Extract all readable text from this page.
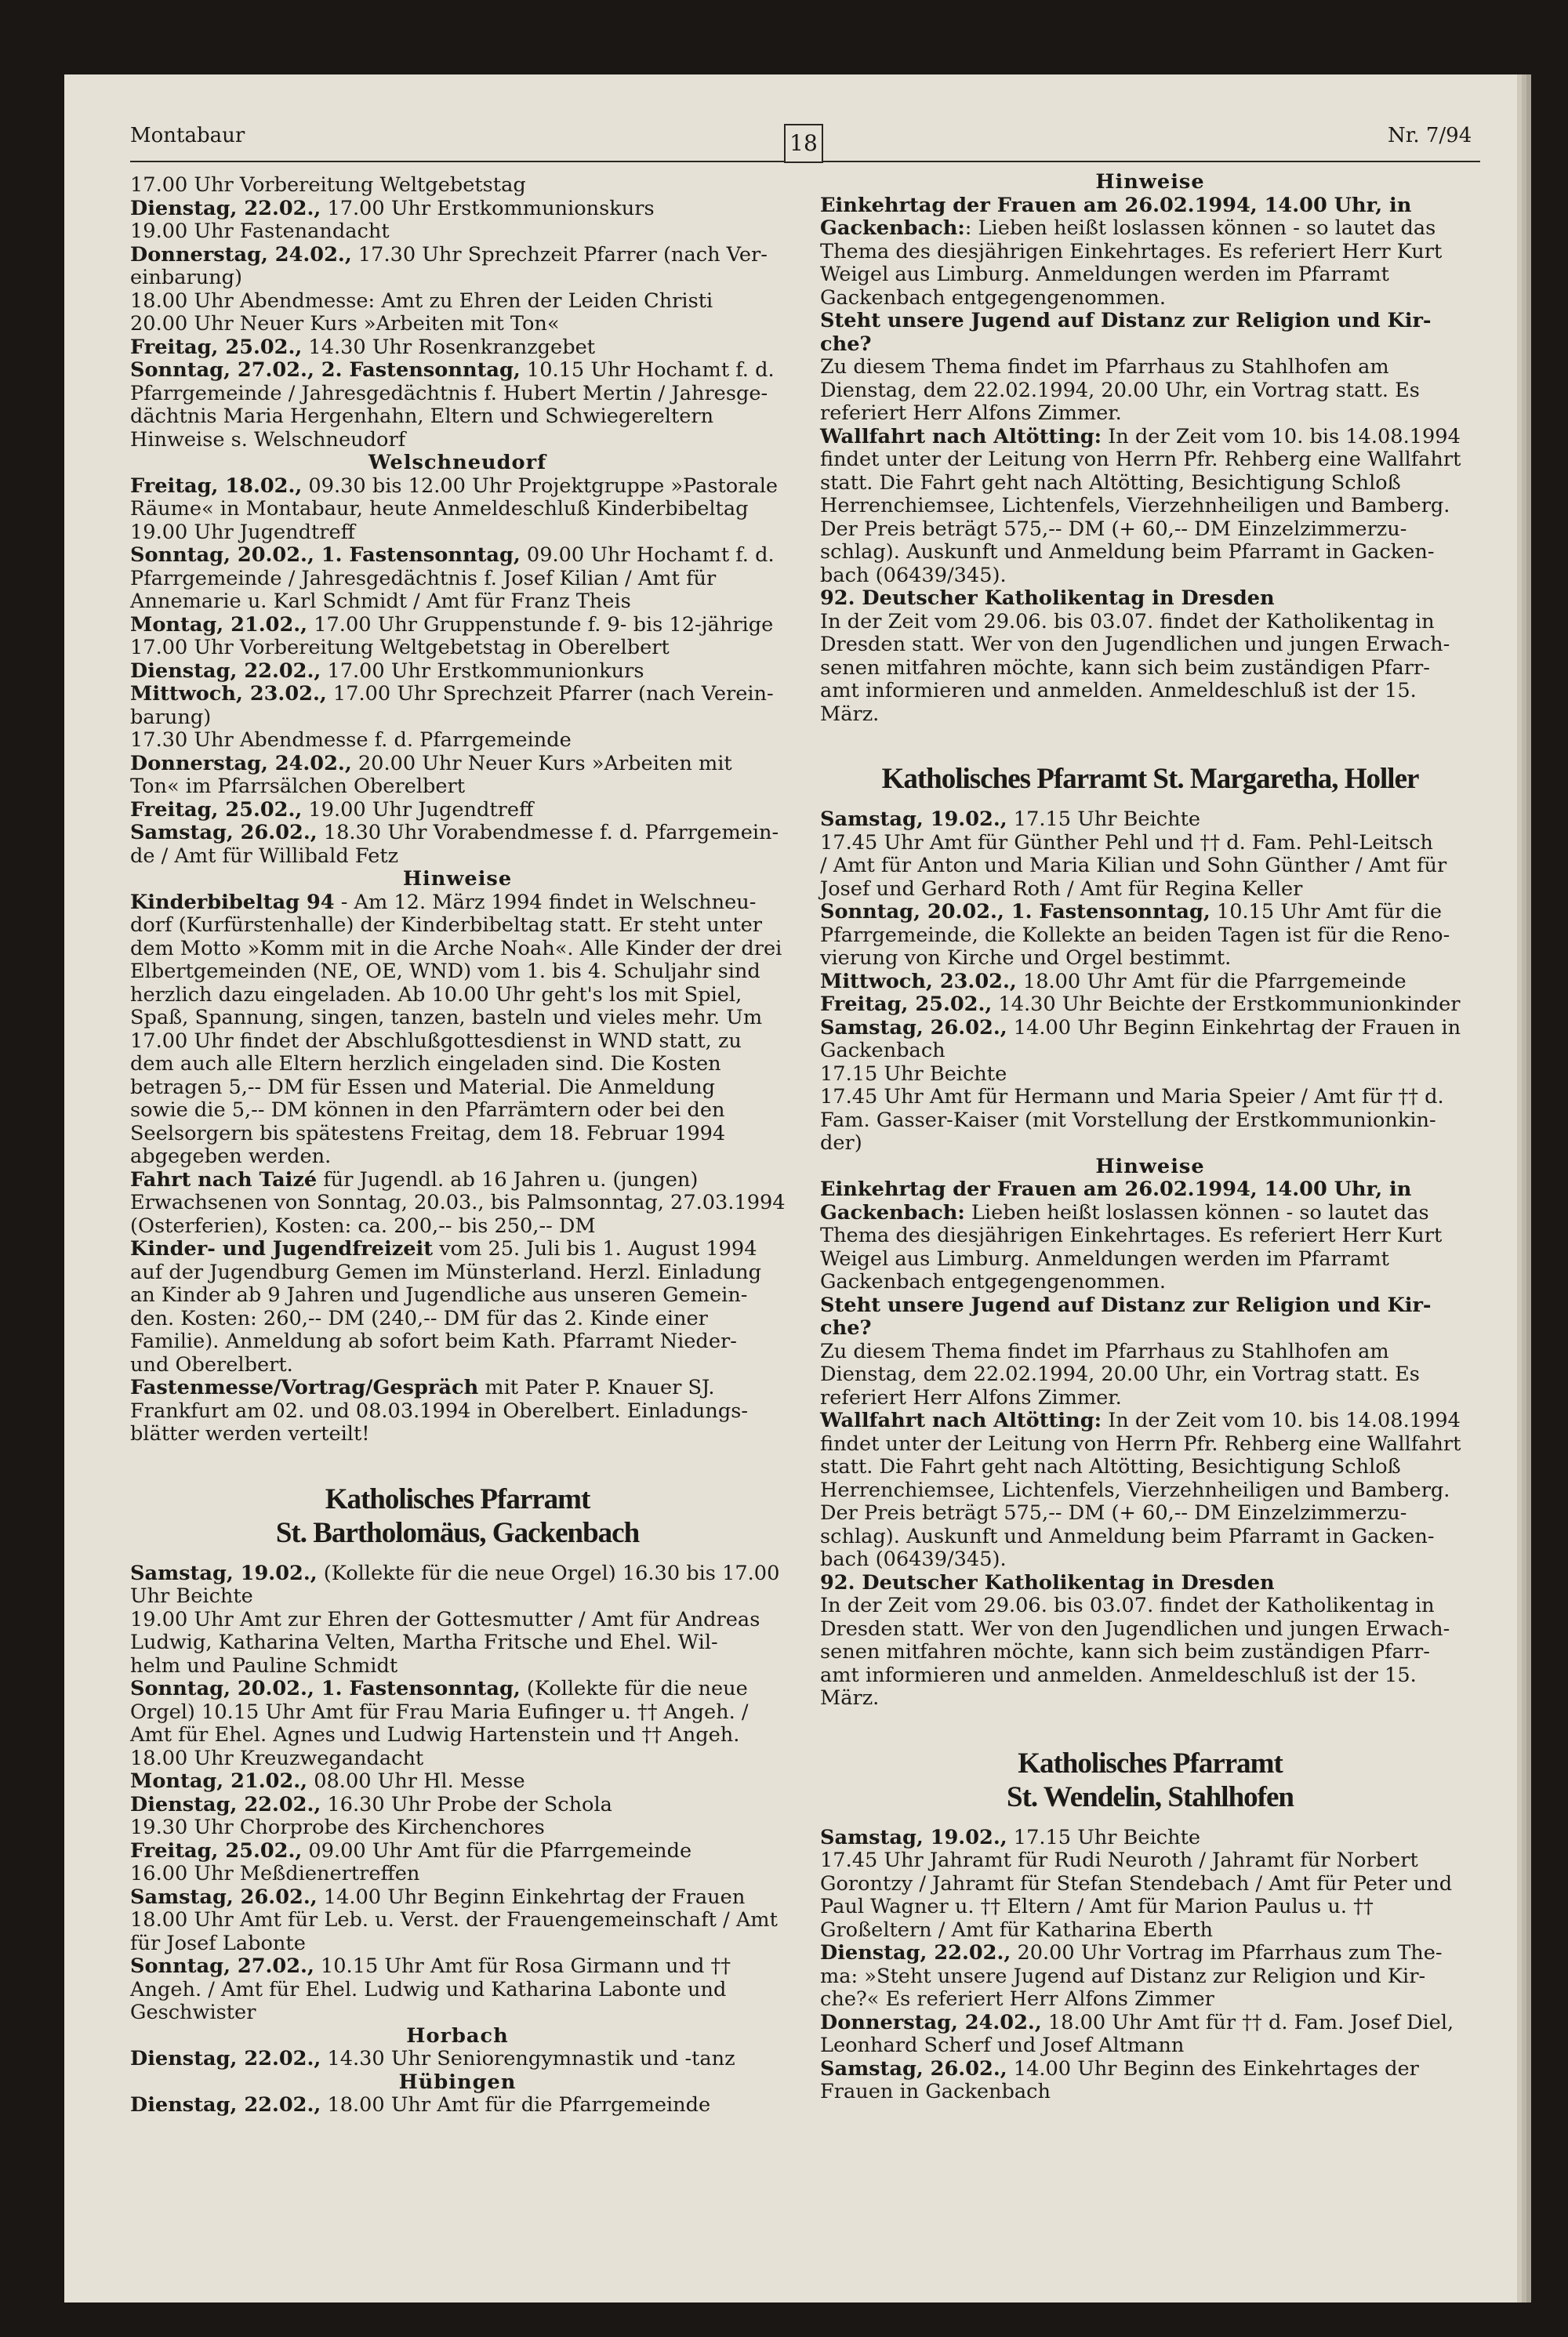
Montabaur	18	Nr. 7/94

17.00 Uhr Vorbereitung Weltgebetstag

Dienstag, 22.02., 17.00 Uhr Erstkommunionskurs

19.00 Uhr Fastenandacht

Donnerstag, 24.02., 17.30 Uhr Sprechzeit Pfarrer (nach Ver-

einbarung)

18.00 Uhr Abendmesse: Amt zu Ehren der Leiden Christi

20.00 Uhr Neuer Kurs »Arbeiten mit Ton«

Freitag, 25.02., 14.30 Uhr Rosenkranzgebet

Sonntag, 27.02., 2. Fastensonntag, 10.15 Uhr Hochamt f. d.

Pfarrgemeinde / Jahresgedächtnis f. Hubert Mertin / Jahresge-

dächtnis Maria Hergenhahn, Eltern und Schwiegereltern

Hinweise s. Welschneudorf

Welschneudorf

Freitag, 18.02., 09.30 bis 12.00 Uhr Projektgruppe »Pastorale

Räume« in Montabaur, heute Anmeldeschluß Kinderbibeltag

19.00 Uhr Jugendtreff

Sonntag, 20.02., 1. Fastensonntag, 09.00 Uhr Hochamt f. d.

Pfarrgemeinde / Jahresgedächtnis f. Josef Kilian / Amt für

Annemarie u. Karl Schmidt / Amt für Franz Theis

Montag, 21.02., 17.00 Uhr Gruppenstunde f. 9- bis 12-jährige

17.00 Uhr Vorbereitung Weltgebetstag in Oberelbert

Dienstag, 22.02., 17.00 Uhr Erstkommunionkurs

Mittwoch, 23.02., 17.00 Uhr Sprechzeit Pfarrer (nach Verein-

barung)

17.30 Uhr Abendmesse f. d. Pfarrgemeinde

Donnerstag, 24.02., 20.00 Uhr Neuer Kurs »Arbeiten mit

Ton« im Pfarrsälchen Oberelbert

Freitag, 25.02., 19.00 Uhr Jugendtreff

Samstag, 26.02., 18.30 Uhr Vorabendmesse f. d. Pfarrgemein-

de / Amt für Willibald Fetz

Hinweise

Kinderbibeltag 94 - Am 12. März 1994 findet in Welschneu-

dorf (Kurfürstenhalle) der Kinderbibeltag statt. Er steht unter

dem Motto »Komm mit in die Arche Noah«. Alle Kinder der drei

Elbertgemeinden (NE, OE, WND) vom 1. bis 4. Schuljahr sind

herzlich dazu eingeladen. Ab 10.00 Uhr geht's los mit Spiel,

Spaß, Spannung, singen, tanzen, basteln und vieles mehr. Um

17.00 Uhr findet der Abschlußgottesdienst in WND statt, zu

dem auch alle Eltern herzlich eingeladen sind. Die Kosten

betragen 5,-- DM für Essen und Material. Die Anmeldung

sowie die 5,-- DM können in den Pfarrämtern oder bei den

Seelsorgern bis spätestens Freitag, dem 18. Februar 1994

abgegeben werden.

Fahrt nach Taizé für Jugendl. ab 16 Jahren u. (jungen)

Erwachsenen von Sonntag, 20.03., bis Palmsonntag, 27.03.1994

(Osterferien), Kosten: ca. 200,-- bis 250,-- DM

Kinder- und Jugendfreizeit vom 25. Juli bis 1. August 1994

auf der Jugendburg Gemen im Münsterland. Herzl. Einladung

an Kinder ab 9 Jahren und Jugendliche aus unseren Gemein-

den. Kosten: 260,-- DM (240,-- DM für das 2. Kinde einer

Familie). Anmeldung ab sofort beim Kath. Pfarramt Nieder-

und Oberelbert.

Fastenmesse/Vortrag/Gespräch mit Pater P. Knauer SJ.

Frankfurt am 02. und 08.03.1994 in Oberelbert. Einladungs-

blätter werden verteilt!

Katholisches Pfarramt
St. Bartholomäus, Gackenbach

Samstag, 19.02., (Kollekte für die neue Orgel) 16.30 bis 17.00

Uhr Beichte

19.00 Uhr Amt zur Ehren der Gottesmutter / Amt für Andreas

Ludwig, Katharina Velten, Martha Fritsche und Ehel. Wil-

helm und Pauline Schmidt

Sonntag, 20.02., 1. Fastensonntag, (Kollekte für die neue

Orgel) 10.15 Uhr Amt für Frau Maria Eufinger u. †† Angeh. /

Amt für Ehel. Agnes und Ludwig Hartenstein und †† Angeh.

18.00 Uhr Kreuzwegandacht

Montag, 21.02., 08.00 Uhr Hl. Messe

Dienstag, 22.02., 16.30 Uhr Probe der Schola

19.30 Uhr Chorprobe des Kirchenchores

Freitag, 25.02., 09.00 Uhr Amt für die Pfarrgemeinde

16.00 Uhr Meßdienertreffen

Samstag, 26.02., 14.00 Uhr Beginn Einkehrtag der Frauen

18.00 Uhr Amt für Leb. u. Verst. der Frauengemeinschaft / Amt

für Josef Labonte

Sonntag, 27.02., 10.15 Uhr Amt für Rosa Girmann und ††

Angeh. / Amt für Ehel. Ludwig und Katharina Labonte und

Geschwister

Horbach

Dienstag, 22.02., 14.30 Uhr Seniorengymnastik und -tanz

Hübingen

Dienstag, 22.02., 18.00 Uhr Amt für die Pfarrgemeinde

Hinweise

Einkehrtag der Frauen am 26.02.1994, 14.00 Uhr, in

Gackenbach:: Lieben heißt loslassen können - so lautet das

Thema des diesjährigen Einkehrtages. Es referiert Herr Kurt

Weigel aus Limburg. Anmeldungen werden im Pfarramt

Gackenbach entgegengenommen.

Steht unsere Jugend auf Distanz zur Religion und Kir-

che?

Zu diesem Thema findet im Pfarrhaus zu Stahlhofen am

Dienstag, dem 22.02.1994, 20.00 Uhr, ein Vortrag statt. Es

referiert Herr Alfons Zimmer.

Wallfahrt nach Altötting: In der Zeit vom 10. bis 14.08.1994

findet unter der Leitung von Herrn Pfr. Rehberg eine Wallfahrt

statt. Die Fahrt geht nach Altötting, Besichtigung Schloß

Herrenchiemsee, Lichtenfels, Vierzehnheiligen und Bamberg.

Der Preis beträgt 575,-- DM (+ 60,-- DM Einzelzimmerzu-

schlag). Auskunft und Anmeldung beim Pfarramt in Gacken-

bach (06439/345).

92. Deutscher Katholikentag in Dresden

In der Zeit vom 29.06. bis 03.07. findet der Katholikentag in

Dresden statt. Wer von den Jugendlichen und jungen Erwach-

senen mitfahren möchte, kann sich beim zuständigen Pfarr-

amt informieren und anmelden. Anmeldeschluß ist der 15.

März.

Katholisches Pfarramt St. Margaretha, Holler

Samstag, 19.02., 17.15 Uhr Beichte

17.45 Uhr Amt für Günther Pehl und †† d. Fam. Pehl-Leitsch

/ Amt für Anton und Maria Kilian und Sohn Günther / Amt für

Josef und Gerhard Roth / Amt für Regina Keller

Sonntag, 20.02., 1. Fastensonntag, 10.15 Uhr Amt für die

Pfarrgemeinde, die Kollekte an beiden Tagen ist für die Reno-

vierung von Kirche und Orgel bestimmt.

Mittwoch, 23.02., 18.00 Uhr Amt für die Pfarrgemeinde

Freitag, 25.02., 14.30 Uhr Beichte der Erstkommunionkinder

Samstag, 26.02., 14.00 Uhr Beginn Einkehrtag der Frauen in

Gackenbach

17.15 Uhr Beichte

17.45 Uhr Amt für Hermann und Maria Speier / Amt für †† d.

Fam. Gasser-Kaiser (mit Vorstellung der Erstkommunionkin-

der)

Hinweise

Einkehrtag der Frauen am 26.02.1994, 14.00 Uhr, in

Gackenbach: Lieben heißt loslassen können - so lautet das

Thema des diesjährigen Einkehrtages. Es referiert Herr Kurt

Weigel aus Limburg. Anmeldungen werden im Pfarramt

Gackenbach entgegengenommen.

Steht unsere Jugend auf Distanz zur Religion und Kir-

che?

Zu diesem Thema findet im Pfarrhaus zu Stahlhofen am

Dienstag, dem 22.02.1994, 20.00 Uhr, ein Vortrag statt. Es

referiert Herr Alfons Zimmer.

Wallfahrt nach Altötting: In der Zeit vom 10. bis 14.08.1994

findet unter der Leitung von Herrn Pfr. Rehberg eine Wallfahrt

statt. Die Fahrt geht nach Altötting, Besichtigung Schloß

Herrenchiemsee, Lichtenfels, Vierzehnheiligen und Bamberg.

Der Preis beträgt 575,-- DM (+ 60,-- DM Einzelzimmerzu-

schlag). Auskunft und Anmeldung beim Pfarramt in Gacken-

bach (06439/345).

92. Deutscher Katholikentag in Dresden

In der Zeit vom 29.06. bis 03.07. findet der Katholikentag in

Dresden statt. Wer von den Jugendlichen und jungen Erwach-

senen mitfahren möchte, kann sich beim zuständigen Pfarr-

amt informieren und anmelden. Anmeldeschluß ist der 15.

März.

Katholisches Pfarramt
St. Wendelin, Stahlhofen

Samstag, 19.02., 17.15 Uhr Beichte

17.45 Uhr Jahramt für Rudi Neuroth / Jahramt für Norbert

Gorontzy / Jahramt für Stefan Stendebach / Amt für Peter und

Paul Wagner u. †† Eltern / Amt für Marion Paulus u. ††

Großeltern / Amt für Katharina Eberth

Dienstag, 22.02., 20.00 Uhr Vortrag im Pfarrhaus zum The-

ma: »Steht unsere Jugend auf Distanz zur Religion und Kir-

che?« Es referiert Herr Alfons Zimmer

Donnerstag, 24.02., 18.00 Uhr Amt für †† d. Fam. Josef Diel,

Leonhard Scherf und Josef Altmann

Samstag, 26.02., 14.00 Uhr Beginn des Einkehrtages der

Frauen in Gackenbach
